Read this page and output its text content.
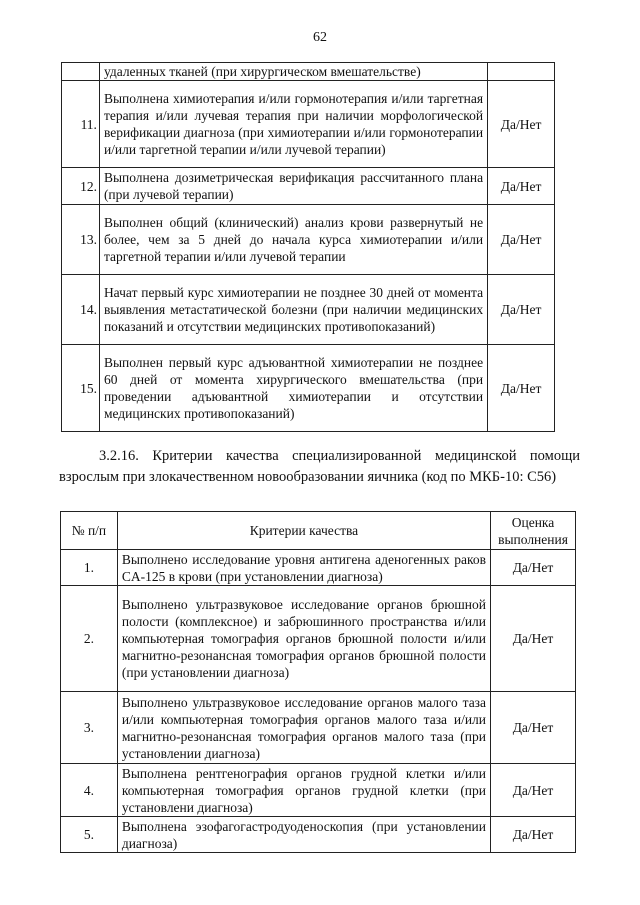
62
	удаленных тканей (при хирургическом вмешательстве)	
11.	Выполнена химиотерапия и/или гормонотерапия и/или таргетная терапия и/или лучевая терапия при наличии морфологической верификации диагноза (при химиотерапии и/или гормонотерапии и/или таргетной терапии и/или лучевой терапии)	Да/Нет
12.	Выполнена дозиметрическая верификация рассчитанного плана (при лучевой терапии)	Да/Нет
13.	Выполнен общий (клинический) анализ крови развернутый не более, чем за 5 дней до начала курса химиотерапии и/или таргетной терапии и/или лучевой терапии	Да/Нет
14.	Начат первый курс химиотерапии не позднее 30 дней от момента выявления метастатической болезни (при наличии медицинских показаний и отсутствии медицинских противопоказаний)	Да/Нет
15.	Выполнен первый курс адъювантной химиотерапии не позднее 60 дней от момента хирургического вмешательства (при проведении адъювантной химиотерапии и отсутствии медицинских противопоказаний)	Да/Нет
3.2.16. Критерии качества специализированной медицинской помощи взрослым при злокачественном новообразовании яичника (код по МКБ-10: C56)
№ п/п	Критерии качества	Оценка выполнения
1.	Выполнено исследование уровня антигена аденогенных раков CA-125 в крови (при установлении диагноза)	Да/Нет
2.	Выполнено ультразвуковое исследование органов брюшной полости (комплексное) и забрюшинного пространства и/или компьютерная томография органов брюшной полости и/или магнитно-резонансная томография органов брюшной полости (при установлении диагноза)	Да/Нет
3.	Выполнено ультразвуковое исследование органов малого таза и/или компьютерная томография органов малого таза и/или магнитно-резонансная томография органов малого таза (при установлении диагноза)	Да/Нет
4.	Выполнена рентгенография органов грудной клетки и/или компьютерная томография органов грудной клетки (при установлени диагноза)	Да/Нет
5.	Выполнена эзофагогастродуоденоскопия (при установлении диагноза)	Да/Нет
